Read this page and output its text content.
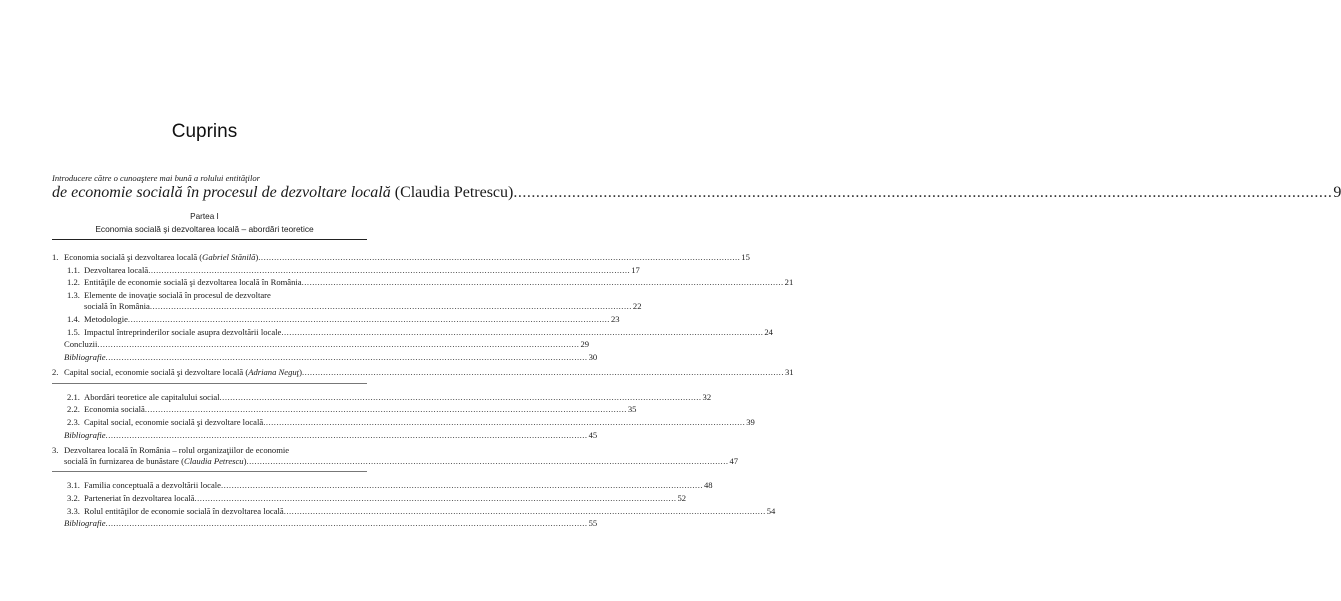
Cuprins
Introducere către o cunoaştere mai bună a rolului entităţilor
de economie socială în procesul de dezvoltare locală (Claudia Petrescu) .....	9
Partea I
Economia socială şi dezvoltarea locală – abordări teoretice
1. Economia socială şi dezvoltarea locală (Gabriel Stănilă) .....	15
1.1. Dezvoltarea locală .....	17
1.2. Entităţile de economie socială şi dezvoltarea locală în România .....	21
1.3. Elemente de inovaţie socială în procesul de dezvoltare
socială în România .....	22
1.4. Metodologie .....	23
1.5. Impactul întreprinderilor sociale asupra dezvoltării locale .....	24
Concluzii .....	29
Bibliografie .....	30
2. Capital social, economie socială şi dezvoltare locală (Adriana Neguţ) .....	31
2.1. Abordări teoretice ale capitalului social .....	32
2.2. Economia socială .....	35
2.3. Capital social, economie socială şi dezvoltare locală .....	39
Bibliografie .....	45
3. Dezvoltarea locală în România – rolul organizaţiilor de economie
socială în furnizarea de bunăstare (Claudia Petrescu) .....	47
3.1. Familia conceptuală a dezvoltării locale .....	48
3.2. Parteneriat în dezvoltarea locală .....	52
3.3. Rolul entităţilor de economie socială în dezvoltarea locală .....	54
Bibliografie .....	55
